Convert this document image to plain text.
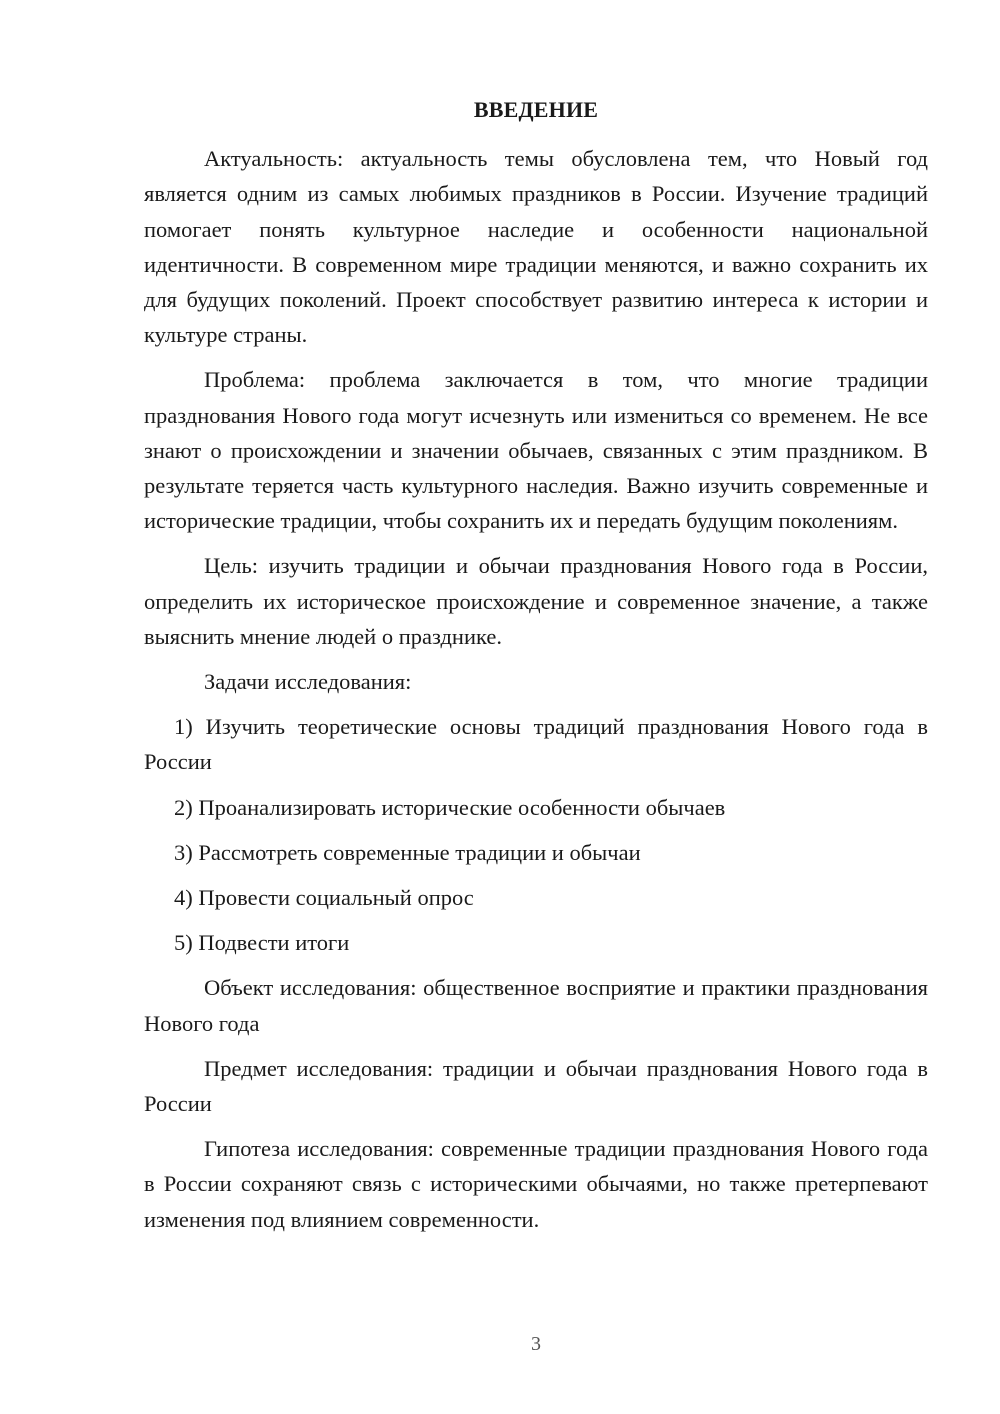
ВВЕДЕНИЕ

Актуальность: актуальность темы обусловлена тем, что Новый год является одним из самых любимых праздников в России. Изучение традиций помогает понять культурное наследие и особенности национальной идентичности. В современном мире традиции меняются, и важно сохранить их для будущих поколений. Проект способствует развитию интереса к истории и культуре страны.

Проблема: проблема заключается в том, что многие традиции празднования Нового года могут исчезнуть или измениться со временем. Не все знают о происхождении и значении обычаев, связанных с этим праздником. В результате теряется часть культурного наследия. Важно изучить современные и исторические традиции, чтобы сохранить их и передать будущим поколениям.

Цель: изучить традиции и обычаи празднования Нового года в России, определить их историческое происхождение и современное значение, а также выяснить мнение людей о празднике.

Задачи исследования:

1) Изучить теоретические основы традиций празднования Нового года в России

2) Проанализировать исторические особенности обычаев

3) Рассмотреть современные традиции и обычаи

4) Провести социальный опрос

5) Подвести итоги

Объект исследования: общественное восприятие и практики празднования Нового года

Предмет исследования: традиции и обычаи празднования Нового года в России

Гипотеза исследования: современные традиции празднования Нового года в России сохраняют связь с историческими обычаями, но также претерпевают изменения под влиянием современности.

3
